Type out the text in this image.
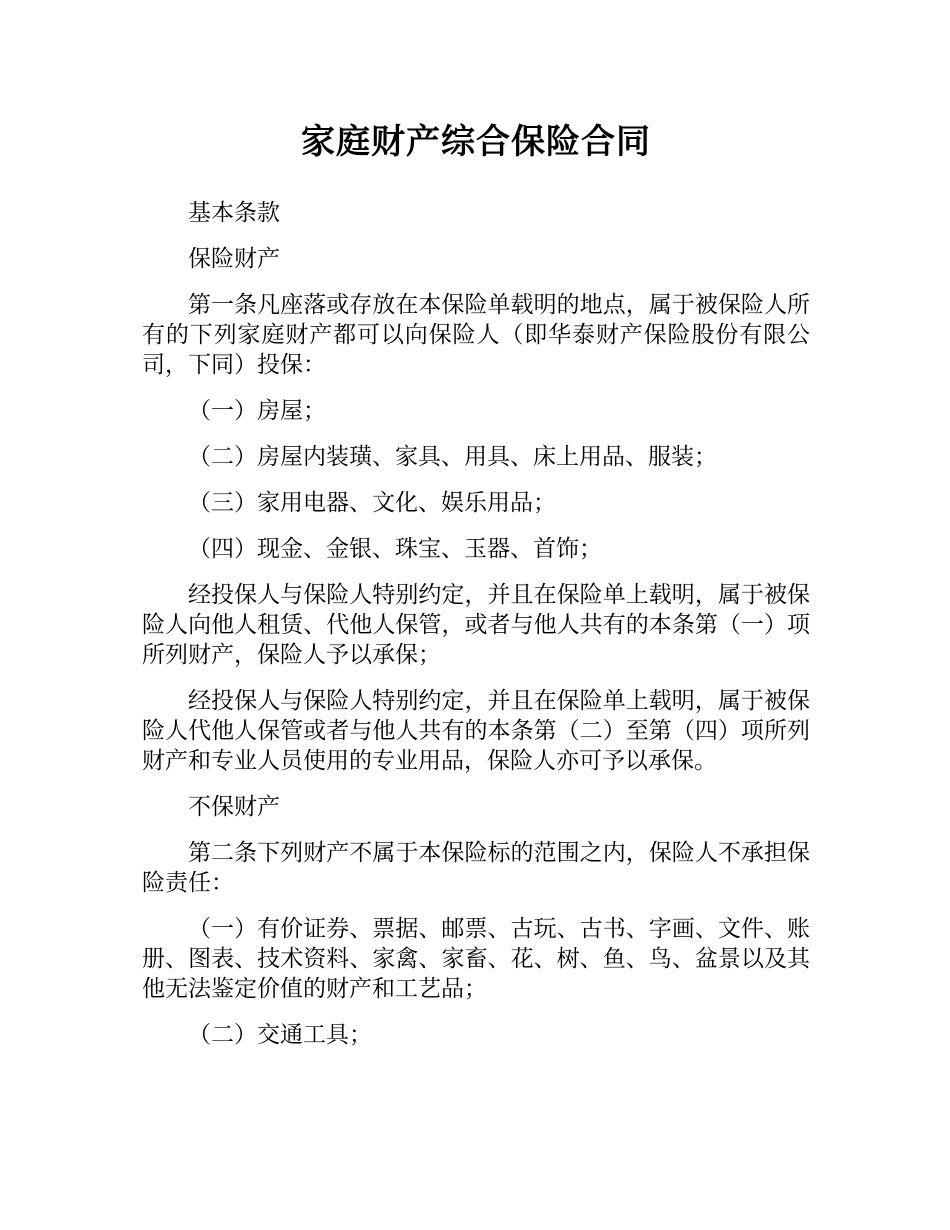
家庭财产综合保险合同

基本条款

保险财产

第一条凡座落或存放在本保险单载明的地点，属于被保险人所有的下列家庭财产都可以向保险人（即华泰财产保险股份有限公司，下同）投保：

（一）房屋；

（二）房屋内装璜、家具、用具、床上用品、服装；

（三）家用电器、文化、娱乐用品；

（四）现金、金银、珠宝、玉器、首饰；

经投保人与保险人特别约定，并且在保险单上载明，属于被保险人向他人租赁、代他人保管，或者与他人共有的本条第（一）项所列财产，保险人予以承保；

经投保人与保险人特别约定，并且在保险单上载明，属于被保险人代他人保管或者与他人共有的本条第（二）至第（四）项所列财产和专业人员使用的专业用品，保险人亦可予以承保。

不保财产

第二条下列财产不属于本保险标的范围之内，保险人不承担保险责任：

（一）有价证券、票据、邮票、古玩、古书、字画、文件、账册、图表、技术资料、家禽、家畜、花、树、鱼、鸟、盆景以及其他无法鉴定价值的财产和工艺品；

（二）交通工具；
